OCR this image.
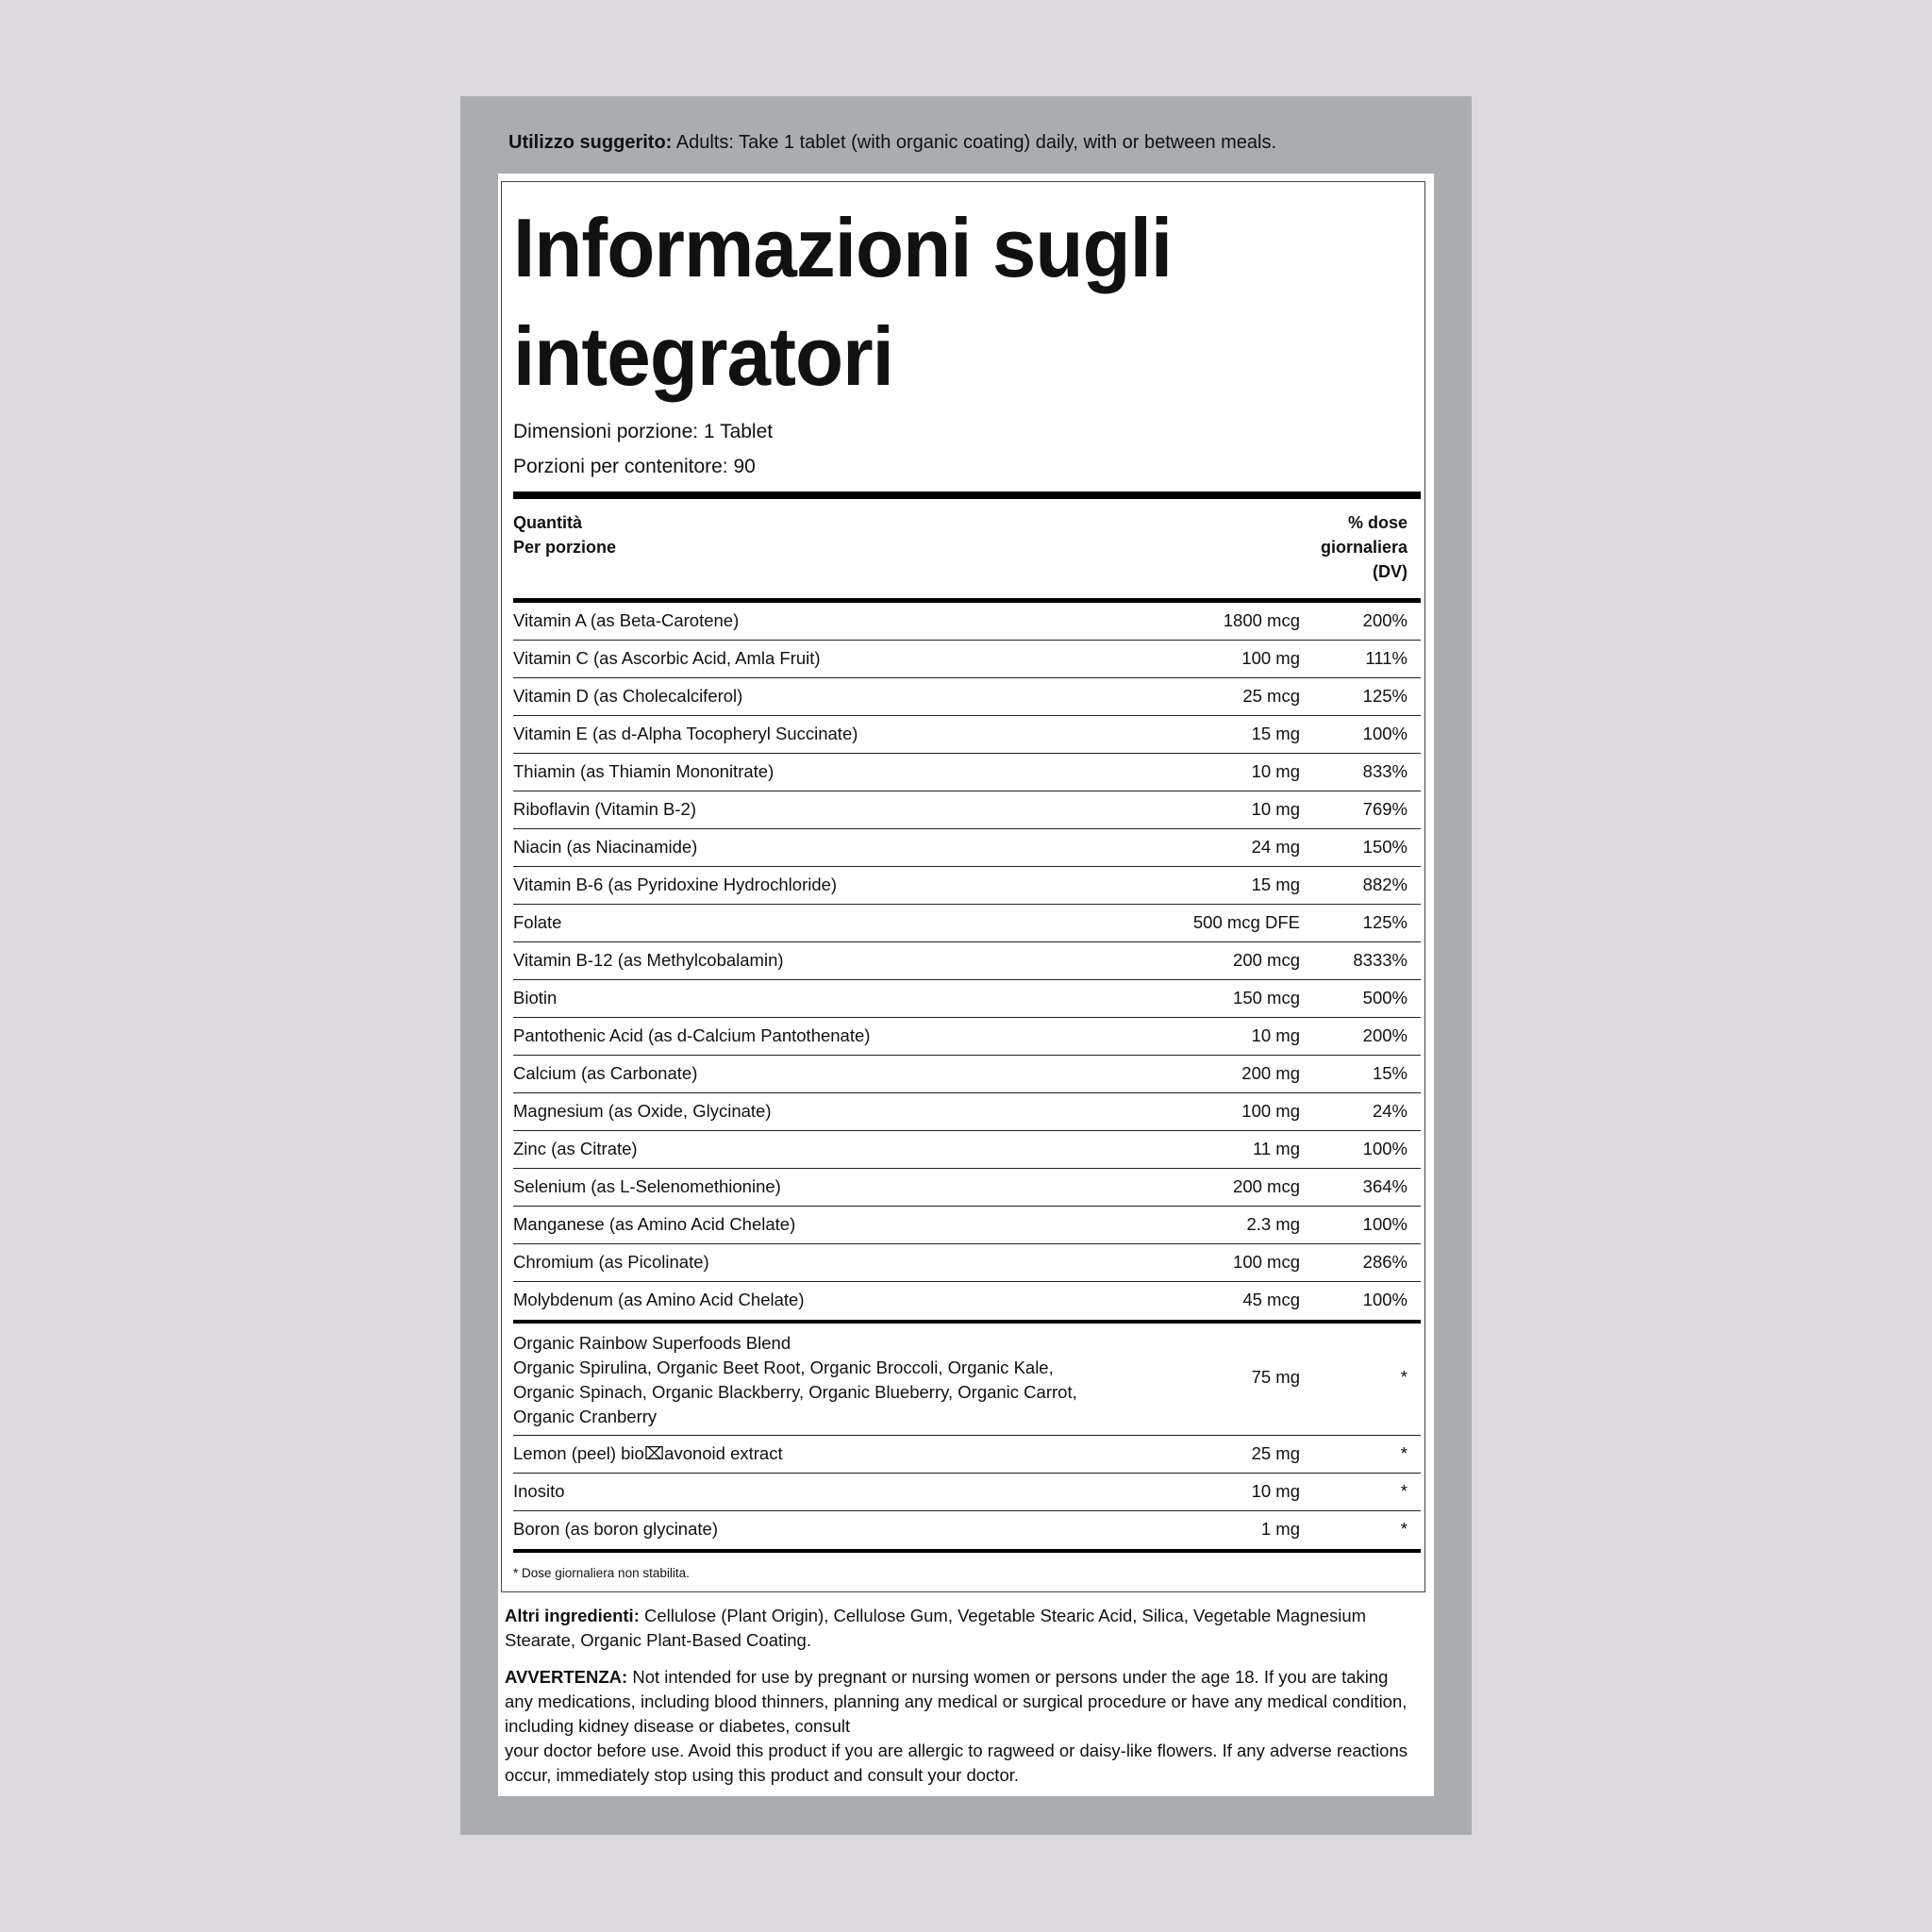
Utilizzo suggerito: Adults: Take 1 tablet (with organic coating) daily, with or between meals.
Informazioni sugli
integratori
Dimensioni porzione: 1 Tablet
Porzioni per contenitore: 90
Quantità
Per porzione
% dose
giornaliera
(DV)
Vitamin A (as Beta-Carotene)	1800 mcg	200%
Vitamin C (as Ascorbic Acid, Amla Fruit)	100 mg	111%
Vitamin D (as Cholecalciferol)	25 mcg	125%
Vitamin E (as d-Alpha Tocopheryl Succinate)	15 mg	100%
Thiamin (as Thiamin Mononitrate)	10 mg	833%
Riboflavin (Vitamin B-2)	10 mg	769%
Niacin (as Niacinamide)	24 mg	150%
Vitamin B-6 (as Pyridoxine Hydrochloride)	15 mg	882%
Folate	500 mcg DFE	125%
Vitamin B-12 (as Methylcobalamin)	200 mcg	8333%
Biotin	150 mcg	500%
Pantothenic Acid (as d-Calcium Pantothenate)	10 mg	200%
Calcium (as Carbonate)	200 mg	15%
Magnesium (as Oxide, Glycinate)	100 mg	24%
Zinc (as Citrate)	11 mg	100%
Selenium (as L-Selenomethionine)	200 mcg	364%
Manganese (as Amino Acid Chelate)	2.3 mg	100%
Chromium (as Picolinate)	100 mcg	286%
Molybdenum (as Amino Acid Chelate)	45 mcg	100%
Organic Rainbow Superfoods Blend
Organic Spirulina, Organic Beet Root, Organic Broccoli, Organic Kale, Organic Spinach, Organic Blackberry, Organic Blueberry, Organic Carrot, Organic Cranberry
75 mg	*
Lemon (peel) bio⌧avonoid extract	25 mg	*
Inosito	10 mg	*
Boron (as boron glycinate)	1 mg	*
* Dose giornaliera non stabilita.
Altri ingredienti: Cellulose (Plant Origin), Cellulose Gum, Vegetable Stearic Acid, Silica, Vegetable Magnesium Stearate, Organic Plant-Based Coating.
AVVERTENZA: Not intended for use by pregnant or nursing women or persons under the age 18. If you are taking any medications, including blood thinners, planning any medical or surgical procedure or have any medical condition, including kidney disease or diabetes, consult
your doctor before use. Avoid this product if you are allergic to ragweed or daisy-like flowers. If any adverse reactions occur, immediately stop using this product and consult your doctor.
